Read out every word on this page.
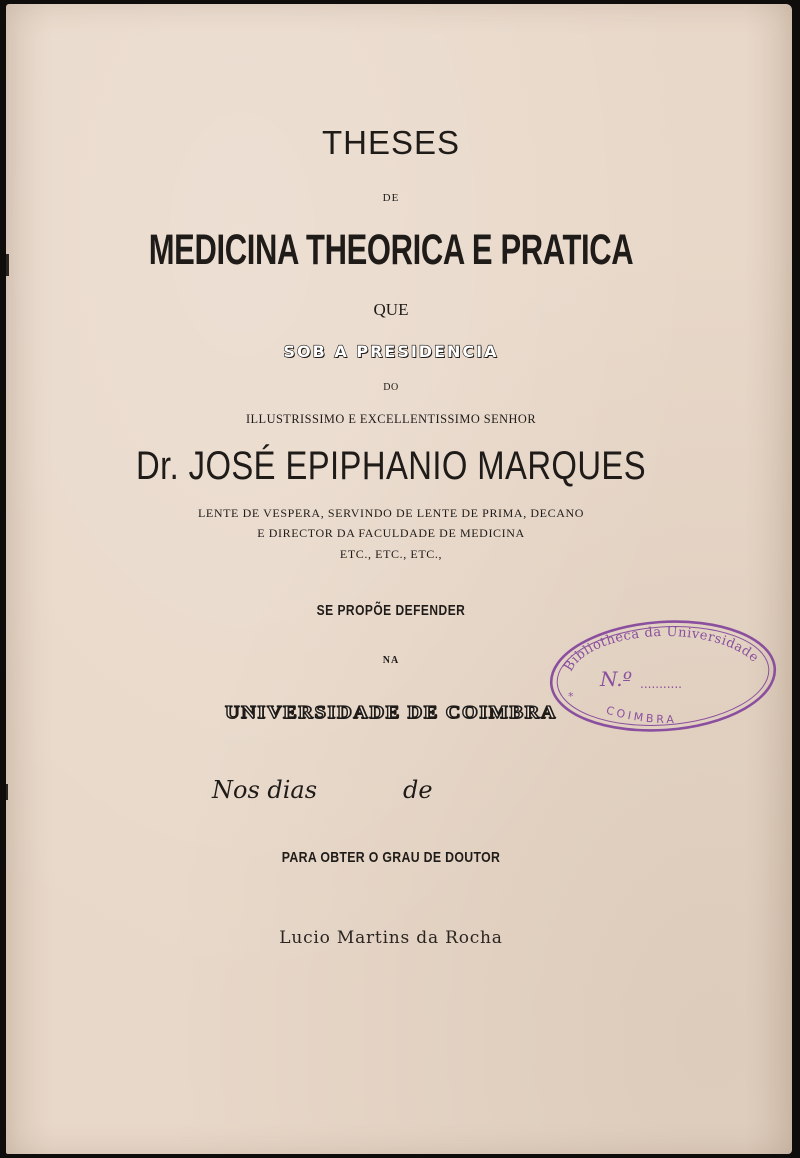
THESES
DE
MEDICINA THEORICA E PRATICA
QUE
SOB A PRESIDENCIA
DO
ILLUSTRISSIMO E EXCELLENTISSIMO SENHOR
Dr. JOSÉ EPIPHANIO MARQUES
LENTE DE VESPERA, SERVINDO DE LENTE DE PRIMA, DECANO
E DIRECTOR DA FACULDADE DE MEDICINA
ETC., ETC., ETC.,
SE PROPÕE DEFENDER
NA
UNIVERSIDADE DE COIMBRA
Nos dias	de
PARA OBTER O GRAU DE DOUTOR
Lucio Martins da Rocha
Bibliotheca da Universidade
N.º ...........
*
COIMBRA
